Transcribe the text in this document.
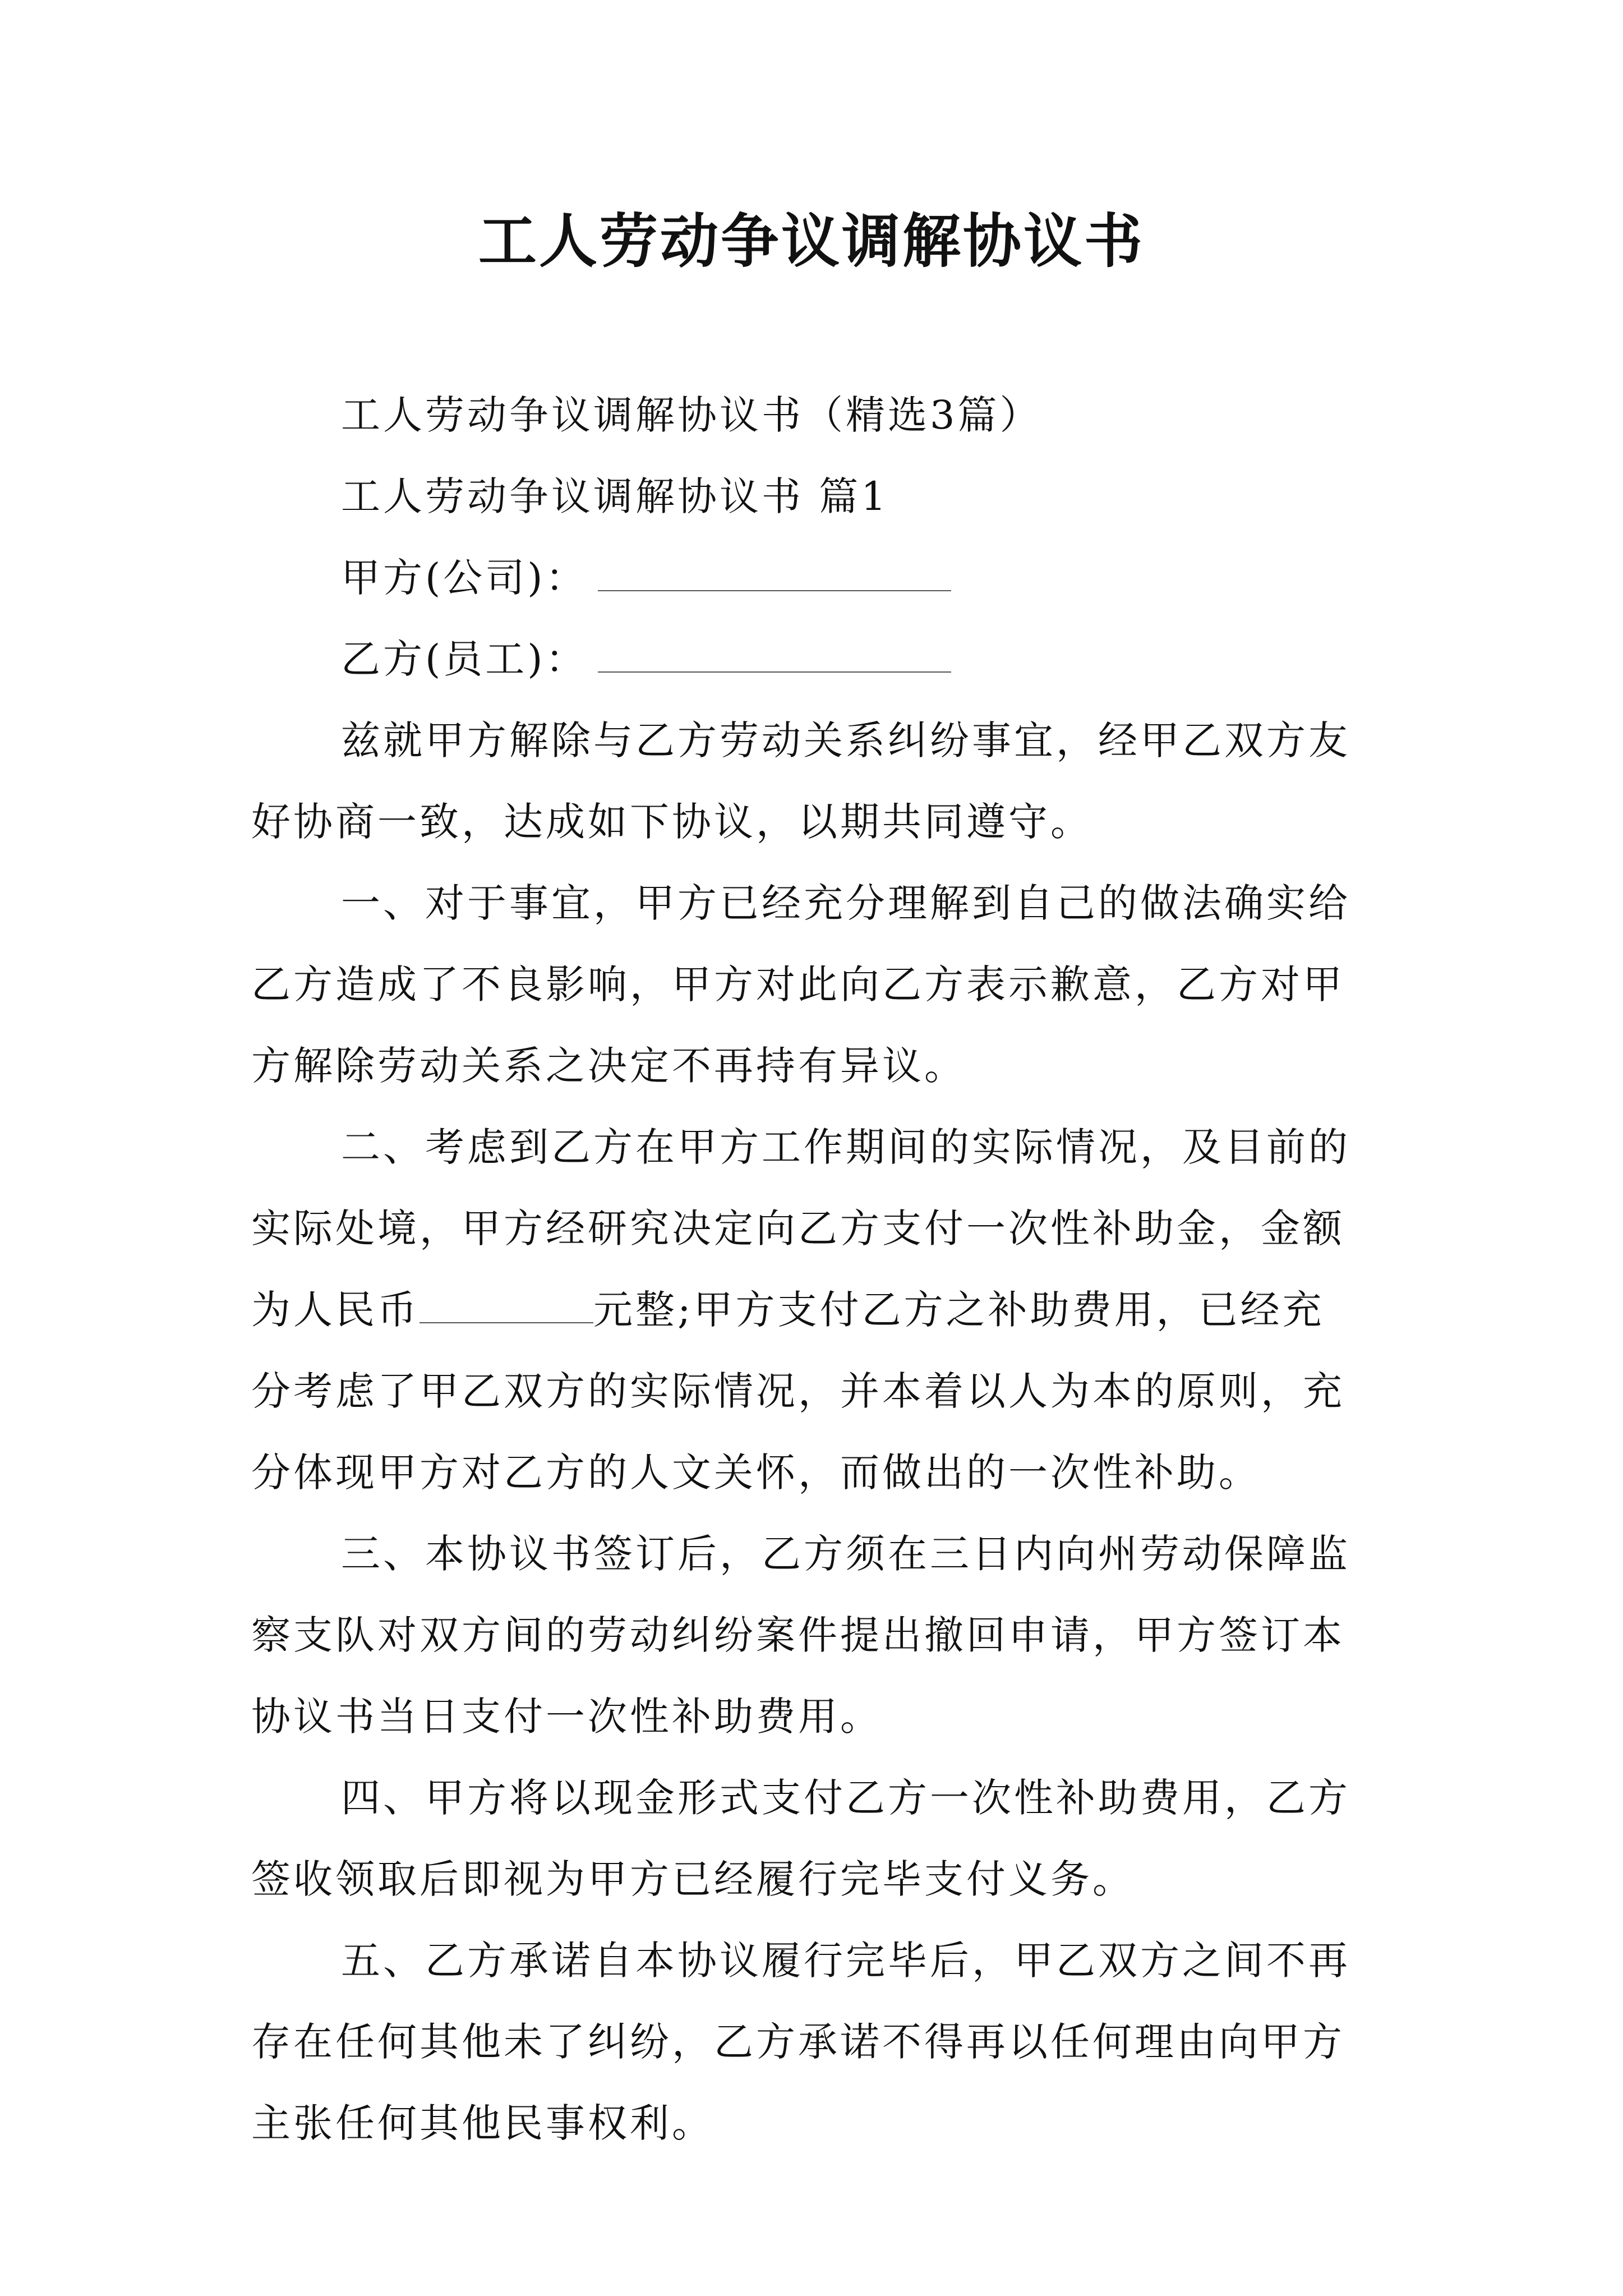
工人劳动争议调解协议书
工人劳动争议调解协议书（精选3篇）
工人劳动争议调解协议书 篇1
甲方(公司)：
乙方(员工)：
兹就甲方解除与乙方劳动关系纠纷事宜，经甲乙双方友
好协商一致，达成如下协议，以期共同遵守。
一、对于事宜，甲方已经充分理解到自己的做法确实给
乙方造成了不良影响，甲方对此向乙方表示歉意，乙方对甲
方解除劳动关系之决定不再持有异议。
二、考虑到乙方在甲方工作期间的实际情况，及目前的
实际处境，甲方经研究决定向乙方支付一次性补助金，金额
为人民币	元整;甲方支付乙方之补助费用，已经充
分考虑了甲乙双方的实际情况，并本着以人为本的原则，充
分体现甲方对乙方的人文关怀，而做出的一次性补助。
三、本协议书签订后，乙方须在三日内向州劳动保障监
察支队对双方间的劳动纠纷案件提出撤回申请，甲方签订本
协议书当日支付一次性补助费用。
四、甲方将以现金形式支付乙方一次性补助费用，乙方
签收领取后即视为甲方已经履行完毕支付义务。
五、乙方承诺自本协议履行完毕后，甲乙双方之间不再
存在任何其他未了纠纷，乙方承诺不得再以任何理由向甲方
主张任何其他民事权利。
